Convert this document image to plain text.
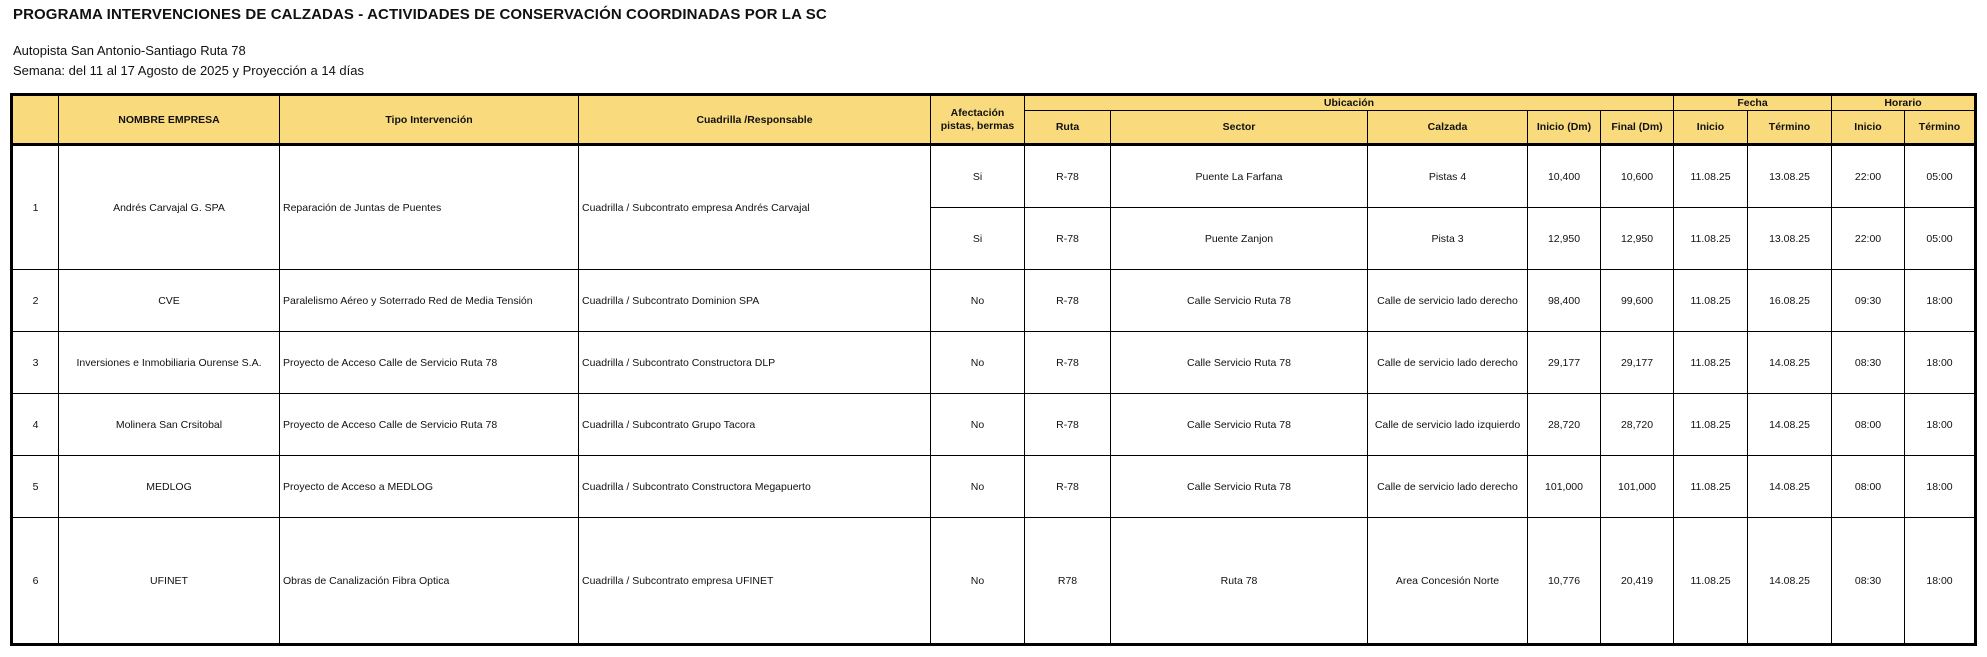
PROGRAMA INTERVENCIONES DE CALZADAS - ACTIVIDADES DE CONSERVACIÓN COORDINADAS POR LA SC
Autopista San Antonio-Santiago Ruta 78
Semana: del 11 al 17 Agosto de 2025 y Proyección a 14 días
	NOMBRE EMPRESA	Tipo Intervención	Cuadrilla /Responsable	Afectación pistas, bermas	Ubicación					Fecha		Horario	
					Ruta	Sector	Calzada	Inicio (Dm)	Final (Dm)	Inicio	Término	Inicio	Término
1	Andrés Carvajal G. SPA	Reparación de Juntas de Puentes	Cuadrilla / Subcontrato empresa Andrés Carvajal	Si	R-78	Puente La Farfana	Pistas 4	10,400	10,600	11.08.25	13.08.25	22:00	05:00
				Si	R-78	Puente Zanjon	Pista 3	12,950	12,950	11.08.25	13.08.25	22:00	05:00
2	CVE	Paralelismo Aéreo y Soterrado Red de Media Tensión	Cuadrilla / Subcontrato Dominion SPA	No	R-78	Calle Servicio Ruta 78	Calle de servicio lado derecho	98,400	99,600	11.08.25	16.08.25	09:30	18:00
3	Inversiones e Inmobiliaria Ourense S.A.	Proyecto de Acceso Calle de Servicio Ruta 78	Cuadrilla / Subcontrato Constructora DLP	No	R-78	Calle Servicio Ruta 78	Calle de servicio lado derecho	29,177	29,177	11.08.25	14.08.25	08:30	18:00
4	Molinera San Crsitobal	Proyecto de Acceso Calle de Servicio Ruta 78	Cuadrilla / Subcontrato Grupo Tacora	No	R-78	Calle Servicio Ruta 78	Calle de servicio lado izquierdo	28,720	28,720	11.08.25	14.08.25	08:00	18:00
5	MEDLOG	Proyecto de Acceso a MEDLOG	Cuadrilla / Subcontrato Constructora Megapuerto	No	R-78	Calle Servicio Ruta 78	Calle de servicio lado derecho	101,000	101,000	11.08.25	14.08.25	08:00	18:00
6	UFINET	Obras de Canalización Fibra Optica	Cuadrilla / Subcontrato empresa UFINET	No	R78	Ruta 78	Area Concesión Norte	10,776	20,419	11.08.25	14.08.25	08:30	18:00
